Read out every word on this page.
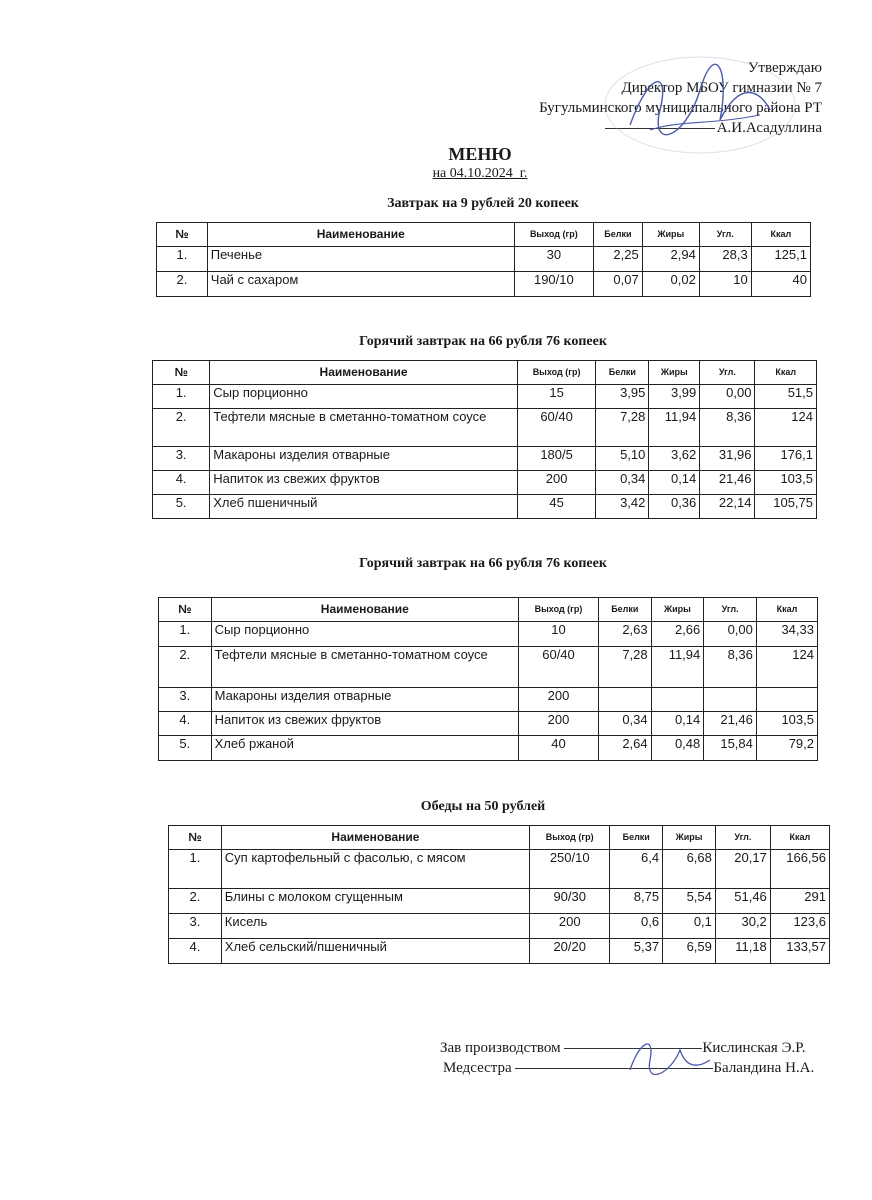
Утверждаю
Директор МБОУ гимназии № 7
Бугульминского муниципального района РТ
А.И.Асадуллина
МЕНЮ
на 04.10.2024_г.
Завтрак на 9 рублей 20 копеек
№	Наименование	Выход (гр)	Белки	Жиры	Угл.	Ккал
1.	Печенье	30	2,25	2,94	28,3	125,1
2.	Чай с сахаром	190/10	0,07	0,02	10	40
Горячий завтрак на 66 рубля 76 копеек
№	Наименование	Выход (гр)	Белки	Жиры	Угл.	Ккал
1.	Сыр порционно	15	3,95	3,99	0,00	51,5
2.	Тефтели мясные в сметанно-томатном соусе	60/40	7,28	11,94	8,36	124
3.	Макароны изделия отварные	180/5	5,10	3,62	31,96	176,1
4.	Напиток из свежих фруктов	200	0,34	0,14	21,46	103,5
5.	Хлеб пшеничный	45	3,42	0,36	22,14	105,75
Горячий завтрак на 66 рубля 76 копеек
№	Наименование	Выход (гр)	Белки	Жиры	Угл.	Ккал
1.	Сыр порционно	10	2,63	2,66	0,00	34,33
2.	Тефтели мясные в сметанно-томатном соусе	60/40	7,28	11,94	8,36	124
3.	Макароны изделия отварные	200				
4.	Напиток из свежих фруктов	200	0,34	0,14	21,46	103,5
5.	Хлеб ржаной	40	2,64	0,48	15,84	79,2
Обеды на 50 рублей
№	Наименование	Выход (гр)	Белки	Жиры	Угл.	Ккал
1.	Суп картофельный с фасолью, с мясом	250/10	6,4	6,68	20,17	166,56
2.	Блины с молоком сгущенным	90/30	8,75	5,54	51,46	291
3.	Кисель	200	0,6	0,1	30,2	123,6
4.	Хлеб сельский/пшеничный	20/20	5,37	6,59	11,18	133,57
Зав производством	Кислинская Э.Р.
Медсестра	Баландина Н.А.
